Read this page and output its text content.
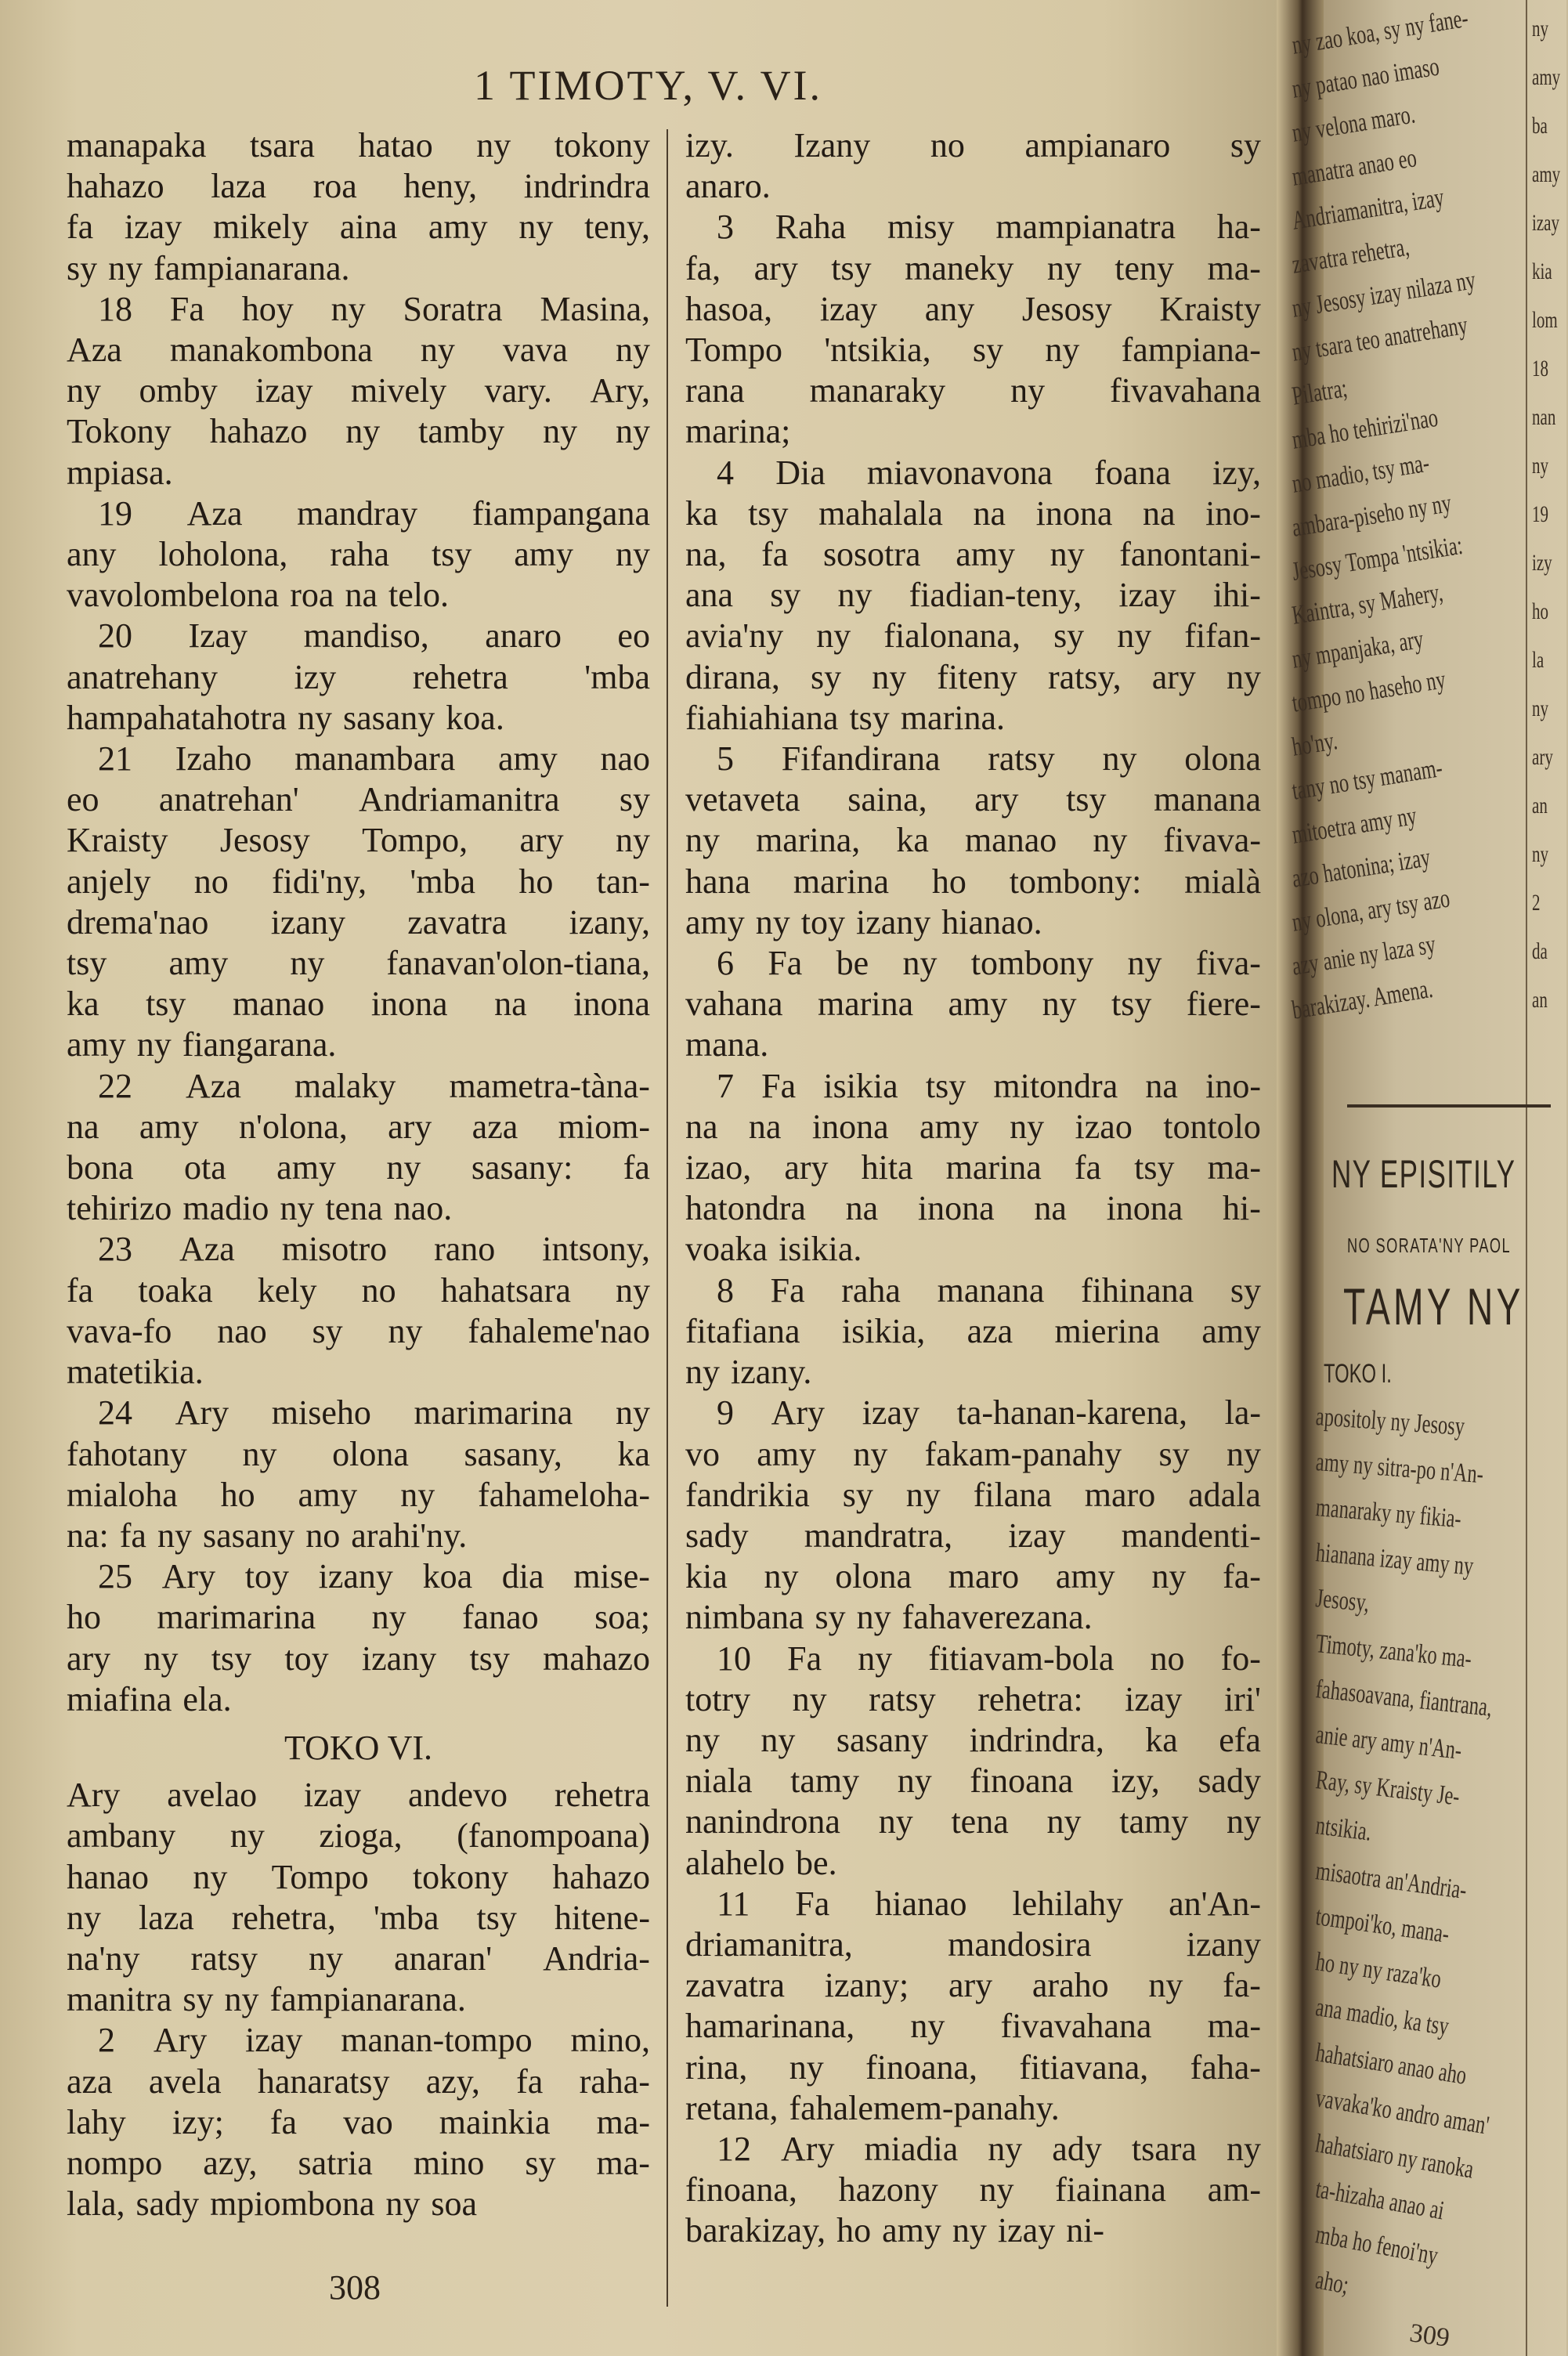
1 TIMOTY, V. VI.
manapaka tsara hatao ny tokony
hahazo laza roa heny, indrindra
fa izay mikely aina amy ny teny,
sy ny fampianarana.
18 Fa hoy ny Soratra Masina,
Aza manakombona ny vava ny
ny omby izay mively vary. Ary,
Tokony hahazo ny tamby ny ny
mpiasa.
19 Aza mandray fiampangana
any loholona, raha tsy amy ny
vavolombelona roa na telo.
20 Izay mandiso, anaro eo
anatrehany izy rehetra 'mba
hampahatahotra ny sasany koa.
21 Izaho manambara amy nao
eo anatrehan' Andriamanitra sy
Kraisty Jesosy Tompo, ary ny
anjely no fidi'ny, 'mba ho tan-
drema'nao izany zavatra izany,
tsy amy ny fanavan'olon-tiana,
ka tsy manao inona na inona
amy ny fiangarana.
22 Aza malaky mametra-tàna-
na amy n'olona, ary aza miom-
bona ota amy ny sasany: fa
tehirizo madio ny tena nao.
23 Aza misotro rano intsony,
fa toaka kely no hahatsara ny
vava-fo nao sy ny fahaleme'nao
matetikia.
24 Ary miseho marimarina ny
fahotany ny olona sasany, ka
mialoha ho amy ny fahameloha-
na: fa ny sasany no arahi'ny.
25 Ary toy izany koa dia mise-
ho marimarina ny fanao soa;
ary ny tsy toy izany tsy mahazo
miafina ela.
TOKO VI.
Ary avelao izay andevo rehetra
ambany ny zioga, (fanompoana)
hanao ny Tompo tokony hahazo
ny laza rehetra, 'mba tsy hitene-
na'ny ratsy ny anaran' Andria-
manitra sy ny fampianarana.
2 Ary izay manan-tompo mino,
aza avela hanaratsy azy, fa raha-
lahy izy; fa vao mainkia ma-
nompo azy, satria mino sy ma-
lala, sady mpiombona ny soa
izy. Izany no ampianaro sy
anaro.
3 Raha misy mampianatra ha-
fa, ary tsy maneky ny teny ma-
hasoa, izay any Jesosy Kraisty
Tompo 'ntsikia, sy ny fampiana-
rana manaraky ny fivavahana
marina;
4 Dia miavonavona foana izy,
ka tsy mahalala na inona na ino-
na, fa sosotra amy ny fanontani-
ana sy ny fiadian-teny, izay ihi-
avia'ny ny fialonana, sy ny fifan-
dirana, sy ny fiteny ratsy, ary ny
fiahiahiana tsy marina.
5 Fifandirana ratsy ny olona
vetaveta saina, ary tsy manana
ny marina, ka manao ny fivava-
hana marina ho tombony: mialà
amy ny toy izany hianao.
6 Fa be ny tombony ny fiva-
vahana marina amy ny tsy fiere-
mana.
7 Fa isikia tsy mitondra na ino-
na na inona amy ny izao tontolo
izao, ary hita marina fa tsy ma-
hatondra na inona na inona hi-
voaka isikia.
8 Fa raha manana fihinana sy
fitafiana isikia, aza mierina amy
ny izany.
9 Ary izay ta-hanan-karena, la-
vo amy ny fakam-panahy sy ny
fandrikia sy ny filana maro adala
sady mandratra, izay mandenti-
kia ny olona maro amy ny fa-
nimbana sy ny fahaverezana.
10 Fa ny fitiavam-bola no fo-
totry ny ratsy rehetra: izay iri'
ny ny sasany indrindra, ka efa
niala tamy ny finoana izy, sady
nanindrona ny tena ny tamy ny
alahelo be.
11 Fa hianao lehilahy an'An-
driamanitra,	mandosira	izany
zavatra izany; ary araho ny fa-
hamarinana, ny fivavahana ma-
rina, ny finoana, fitiavana, faha-
retana, fahalemem-panahy.
12 Ary miadia ny ady tsara ny
finoana, hazony ny fiainana am-
barakizay, ho amy ny izay ni-
308
ny
amy
ba
amy
izay
kia
lom
18
nan
ny
19
izy
ho
la
ny
ary
an
ny
2
da
an
ny zao koa, sy ny fane-
ny patao nao imaso
ny velona maro.
manatra anao eo
Andriamanitra, izay
zavatra rehetra,
ny Jesosy izay nilaza ny
ny tsara teo anatrehany
Pilatra;
mba ho tehirizi'nao
no madio, tsy ma-
ambara-piseho ny ny
Jesosy Tompa 'ntsikia:
Kaintra, sy Mahery,
ny mpanjaka, ary
tompo no haseho ny
ho'ny.
tany no tsy manam-
mitoetra amy ny
azo hatonina; izay
ny olona, ary tsy azo
azy anie ny laza sy
barakizay. Amena.
NY EPISITILY
NO SORATA'NY PAOL
TAMY NY
TOKO I.
apositoly ny Jesosy
amy ny sitra-po n'An-
manaraky ny fikia-
hianana izay amy ny
Jesosy,
Timoty, zana'ko ma-
fahasoavana, fiantrana,
anie ary amy n'An-
Ray, sy Kraisty Je-
ntsikia.
misaotra an'Andria-
tompoi'ko, mana-
ho ny ny raza'ko
ana madio, ka tsy
hahatsiaro anao aho
vavaka'ko andro aman'
hahatsiaro ny ranoka
ta-hizaha anao ai
mba ho fenoi'ny
aho;
309
